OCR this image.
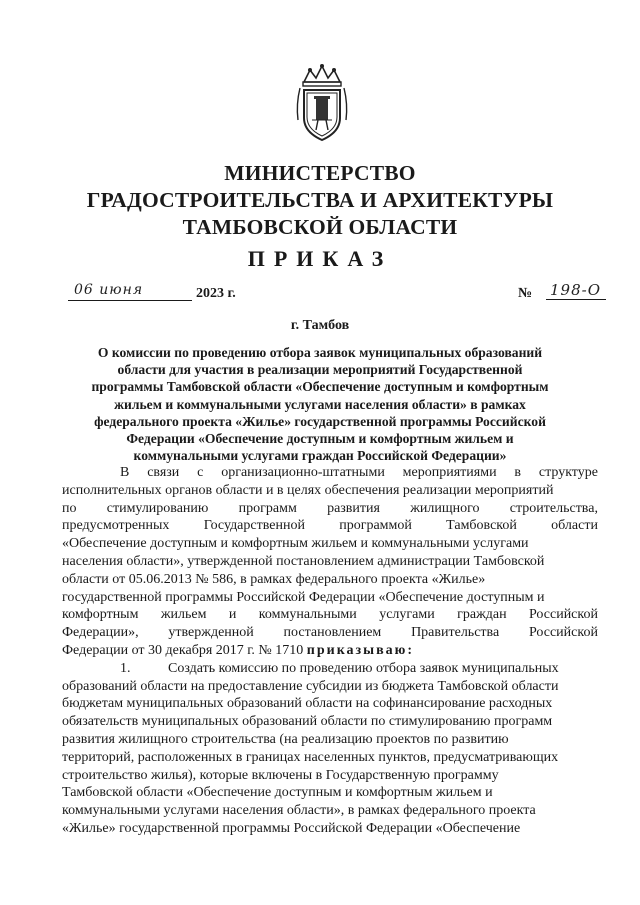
МИНИСТЕРСТВО
ГРАДОСТРОИТЕЛЬСТВА И АРХИТЕКТУРЫ
ТАМБОВСКОЙ ОБЛАСТИ
ПРИКАЗ
06 июня	2023 г.	№ 198-О
г. Тамбов
О комиссии по проведению отбора заявок муниципальных образований
области для участия в реализации мероприятий Государственной
программы Тамбовской области «Обеспечение доступным и комфортным
жильем и коммунальными услугами населения области» в рамках
федерального проекта «Жилье» государственной программы Российской
Федерации «Обеспечение доступным и комфортным жильем и
коммунальными услугами граждан Российской Федерации»
В связи с организационно-штатными мероприятиями в структуре
исполнительных органов области и в целях обеспечения реализации мероприятий
по стимулированию программ развития жилищного строительства,
предусмотренных Государственной программой Тамбовской области
«Обеспечение доступным и комфортным жильем и коммунальными услугами
населения области», утвержденной постановлением администрации Тамбовской
области от 05.06.2013 № 586, в рамках федерального проекта «Жилье»
государственной программы Российской Федерации «Обеспечение доступным и
комфортным жильем и коммунальными услугами граждан Российской
Федерации», утвержденной постановлением Правительства Российской
Федерации от 30 декабря 2017 г. № 1710 приказываю:
1.	Создать комиссию по проведению отбора заявок муниципальных
образований области на предоставление субсидии из бюджета Тамбовской области
бюджетам муниципальных образований области на софинансирование расходных
обязательств муниципальных образований области по стимулированию программ
развития жилищного строительства (на реализацию проектов по развитию
территорий, расположенных в границах населенных пунктов, предусматривающих
строительство жилья), которые включены в Государственную программу
Тамбовской области «Обеспечение доступным и комфортным жильем и
коммунальными услугами населения области», в рамках федерального проекта
«Жилье» государственной программы Российской Федерации «Обеспечение
